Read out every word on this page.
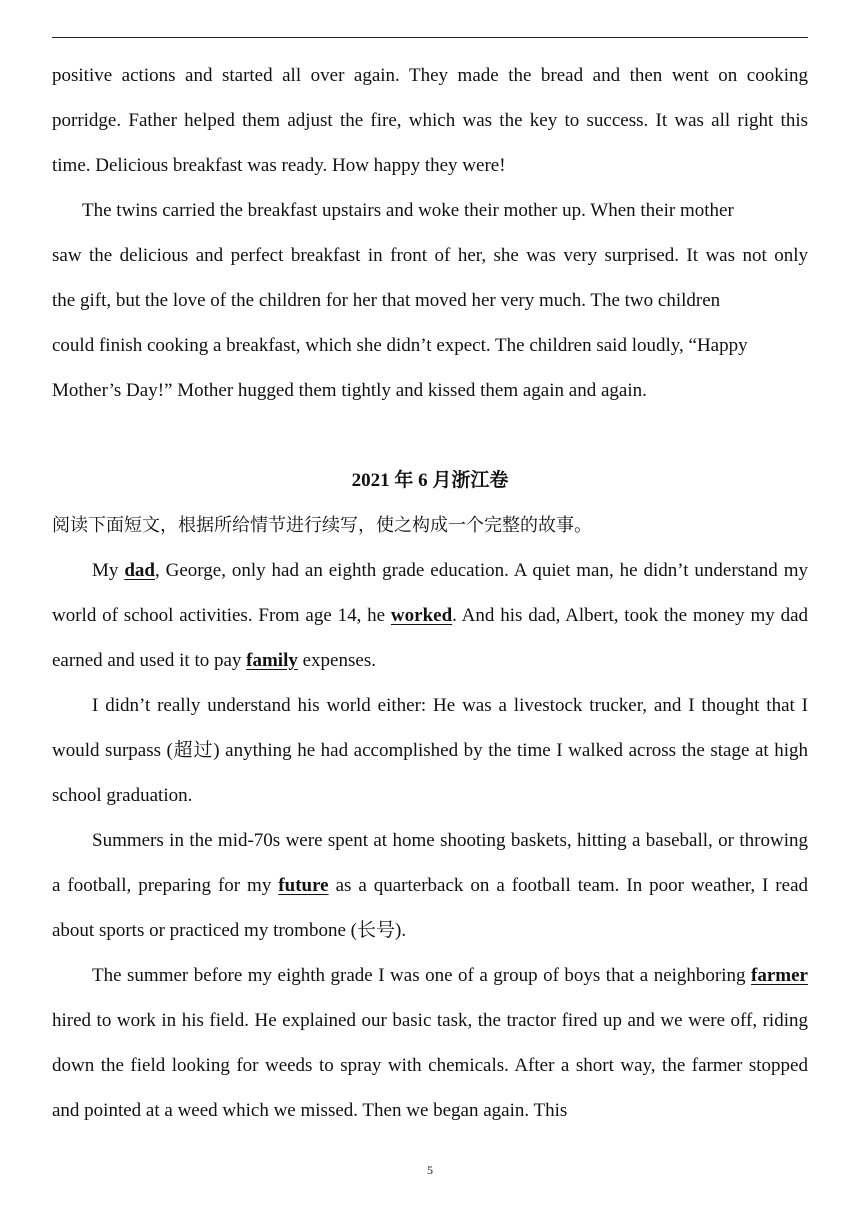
positive actions and started all over again. They made the bread and then went on cooking porridge. Father helped them adjust the fire, which was the key to success. It was all right this time. Delicious breakfast was ready. How happy they were!

The twins carried the breakfast upstairs and woke their mother up. When their mother

saw the delicious and perfect breakfast in front of her, she was very surprised. It was not only

the gift, but the love of the children for her that moved her very much. The two children

could finish cooking a breakfast, which she didn’t expect. The children said loudly, “Happy

Mother’s Day!” Mother hugged them tightly and kissed them again and again.

2021 年 6 月浙江卷

阅读下面短文，根据所给情节进行续写，使之构成一个完整的故事。

My dad, George, only had an eighth grade education. A quiet man, he didn’t understand my world of school activities. From age 14, he worked. And his dad, Albert, took the money my dad earned and used it to pay family expenses.

I didn’t really understand his world either: He was a livestock trucker, and I thought that I would surpass (超过) anything he had accomplished by the time I walked across the stage at high school graduation.

Summers in the mid-70s were spent at home shooting baskets, hitting a baseball, or throwing a football, preparing for my future as a quarterback on a football team. In poor weather, I read about sports or practiced my trombone (长号).

The summer before my eighth grade I was one of a group of boys that a neighboring farmer hired to work in his field. He explained our basic task, the tractor fired up and we were off, riding down the field looking for weeds to spray with chemicals. After a short way, the farmer stopped and pointed at a weed which we missed. Then we began again. This

5
